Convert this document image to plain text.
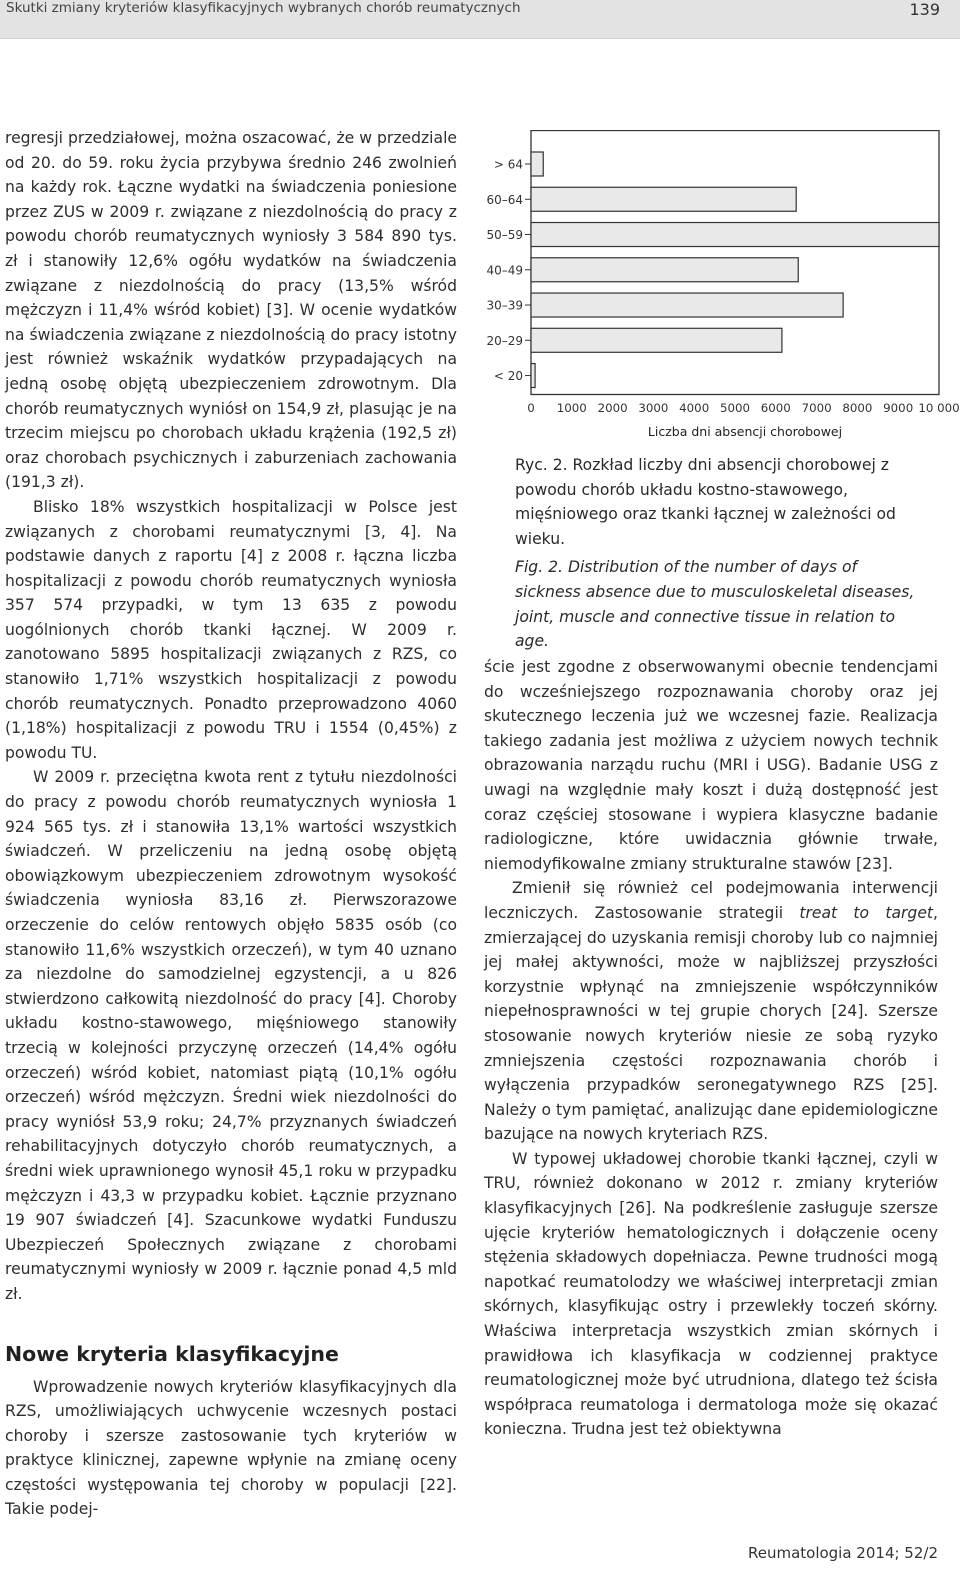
Skutki zmiany kryteriów klasyfikacyjnych wybranych chorób reumatycznych	139

regresji przedziałowej, można oszacować, że w przedziale od 20. do 59. roku życia przybywa średnio 246 zwolnień na każdy rok. Łączne wydatki na świadczenia poniesione przez ZUS w 2009 r. związane z niezdolnością do pracy z powodu chorób reumatycznych wyniosły 3 584 890 tys. zł i stanowiły 12,6% ogółu wydatków na świadczenia związane z niezdolnością do pracy (13,5% wśród mężczyzn i 11,4% wśród kobiet) [3]. W ocenie wydatków na świadczenia związane z niezdolnością do pracy istotny jest również wskaźnik wydatków przypadających na jedną osobę objętą ubezpieczeniem zdrowotnym. Dla chorób reumatycznych wyniósł on 154,9 zł, plasując je na trzecim miejscu po chorobach układu krążenia (192,5 zł) oraz chorobach psychicznych i zaburzeniach zachowania (191,3 zł).

Blisko 18% wszystkich hospitalizacji w Polsce jest związanych z chorobami reumatycznymi [3, 4]. Na podstawie danych z raportu [4] z 2008 r. łączna liczba hospitalizacji z powodu chorób reumatycznych wyniosła 357 574 przypadki, w tym 13 635 z powodu uogólnionych chorób tkanki łącznej. W 2009 r. zanotowano 5895 hospitalizacji związanych z RZS, co stanowiło 1,71% wszystkich hospitalizacji z powodu chorób reumatycznych. Ponadto przeprowadzono 4060 (1,18%) hospitalizacji z powodu TRU i 1554 (0,45%) z powodu TU.

W 2009 r. przeciętna kwota rent z tytułu niezdolności do pracy z powodu chorób reumatycznych wyniosła 1 924 565 tys. zł i stanowiła 13,1% wartości wszystkich świadczeń. W przeliczeniu na jedną osobę objętą obowiązkowym ubezpieczeniem zdrowotnym wysokość świadczenia wyniosła 83,16 zł. Pierwszorazowe orzeczenie do celów rentowych objęło 5835 osób (co stanowiło 11,6% wszystkich orzeczeń), w tym 40 uznano za niezdolne do samodzielnej egzystencji, a u 826 stwierdzono całkowitą niezdolność do pracy [4]. Choroby układu kostno-stawowego, mięśniowego stanowiły trzecią w kolejności przyczynę orzeczeń (14,4% ogółu orzeczeń) wśród kobiet, natomiast piątą (10,1% ogółu orzeczeń) wśród mężczyzn. Średni wiek niezdolności do pracy wyniósł 53,9 roku; 24,7% przyznanych świadczeń rehabilitacyjnych dotyczyło chorób reumatycznych, a średni wiek uprawnionego wynosił 45,1 roku w przypadku mężczyzn i 43,3 w przypadku kobiet. Łącznie przyznano 19 907 świadczeń [4]. Szacunkowe wydatki Funduszu Ubezpieczeń Społecznych związane z chorobami reumatycznymi wyniosły w 2009 r. łącznie ponad 4,5 mld zł.

Nowe kryteria klasyfikacyjne

Wprowadzenie nowych kryteriów klasyfikacyjnych dla RZS, umożliwiających uchwycenie wczesnych postaci choroby i szersze zastosowanie tych kryteriów w praktyce klinicznej, zapewne wpłynie na zmianę oceny częstości występowania tej choroby w populacji [22]. Takie podej-

> 64
60–64
50–59
40–49
30–39
20–29
< 20
0 1000 2000 3000 4000 5000 6000 7000 8000 9000 10 000
Liczba dni absencji chorobowej

Ryc. 2. Rozkład liczby dni absencji chorobowej z powodu chorób układu kostno-stawowego, mięśniowego oraz tkanki łącznej w zależności od wieku.

Fig. 2. Distribution of the number of days of sickness absence due to musculoskeletal diseases, joint, muscle and connective tissue in relation to age.

ście jest zgodne z obserwowanymi obecnie tendencjami do wcześniejszego rozpoznawania choroby oraz jej skutecznego leczenia już we wczesnej fazie. Realizacja takiego zadania jest możliwa z użyciem nowych technik obrazowania narządu ruchu (MRI i USG). Badanie USG z uwagi na względnie mały koszt i dużą dostępność jest coraz częściej stosowane i wypiera klasyczne badanie radiologiczne, które uwidacznia głównie trwałe, niemodyfikowalne zmiany strukturalne stawów [23].

Zmienił się również cel podejmowania interwencji leczniczych. Zastosowanie strategii treat to target, zmierzającej do uzyskania remisji choroby lub co najmniej jej małej aktywności, może w najbliższej przyszłości korzystnie wpłynąć na zmniejszenie współczynników niepełnosprawności w tej grupie chorych [24]. Szersze stosowanie nowych kryteriów niesie ze sobą ryzyko zmniejszenia częstości rozpoznawania chorób i wyłączenia przypadków seronegatywnego RZS [25]. Należy o tym pamiętać, analizując dane epidemiologiczne bazujące na nowych kryteriach RZS.

W typowej układowej chorobie tkanki łącznej, czyli w TRU, również dokonano w 2012 r. zmiany kryteriów klasyfikacyjnych [26]. Na podkreślenie zasługuje szersze ujęcie kryteriów hematologicznych i dołączenie oceny stężenia składowych dopełniacza. Pewne trudności mogą napotkać reumatolodzy we właściwej interpretacji zmian skórnych, klasyfikując ostry i przewlekły toczeń skórny. Właściwa interpretacja wszystkich zmian skórnych i prawidłowa ich klasyfikacja w codziennej praktyce reumatologicznej może być utrudniona, dlatego też ścisła współpraca reumatologa i dermatologa może się okazać konieczna. Trudna jest też obiektywna

Reumatologia 2014; 52/2
